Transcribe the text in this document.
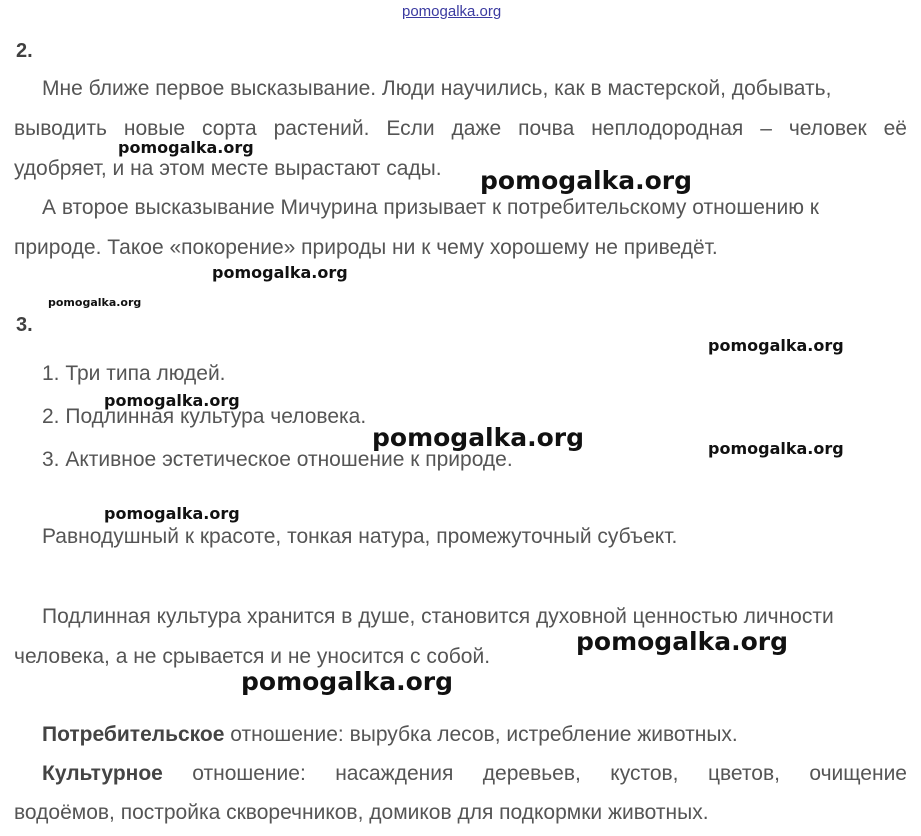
pomogalka.org
2.
Мне ближе первое высказывание. Люди научились, как в мастерской, добывать,
выводить новые сорта растений. Если даже почва неплодородная – человек её
удобряет, и на этом месте вырастают сады.
А второе высказывание Мичурина призывает к потребительскому отношению к
природе. Такое «покорение» природы ни к чему хорошему не приведёт.
3.
1. Три типа людей.
2. Подлинная культура человека.
3. Активное эстетическое отношение к природе.
Равнодушный к красоте, тонкая натура, промежуточный субъект.
Подлинная культура хранится в душе, становится духовной ценностью личности
человека, а не срывается и не уносится с собой.
Потребительское отношение: вырубка лесов, истребление животных.
Культурное отношение: насаждения деревьев, кустов, цветов, очищение
водоёмов, постройка скворечников, домиков для подкормки животных.
pomogalka.org
pomogalka.org
pomogalka.org
pomogalka.org
pomogalka.org
pomogalka.org
pomogalka.org	pomogalka.org
pomogalka.org
pomogalka.org
pomogalka.org
